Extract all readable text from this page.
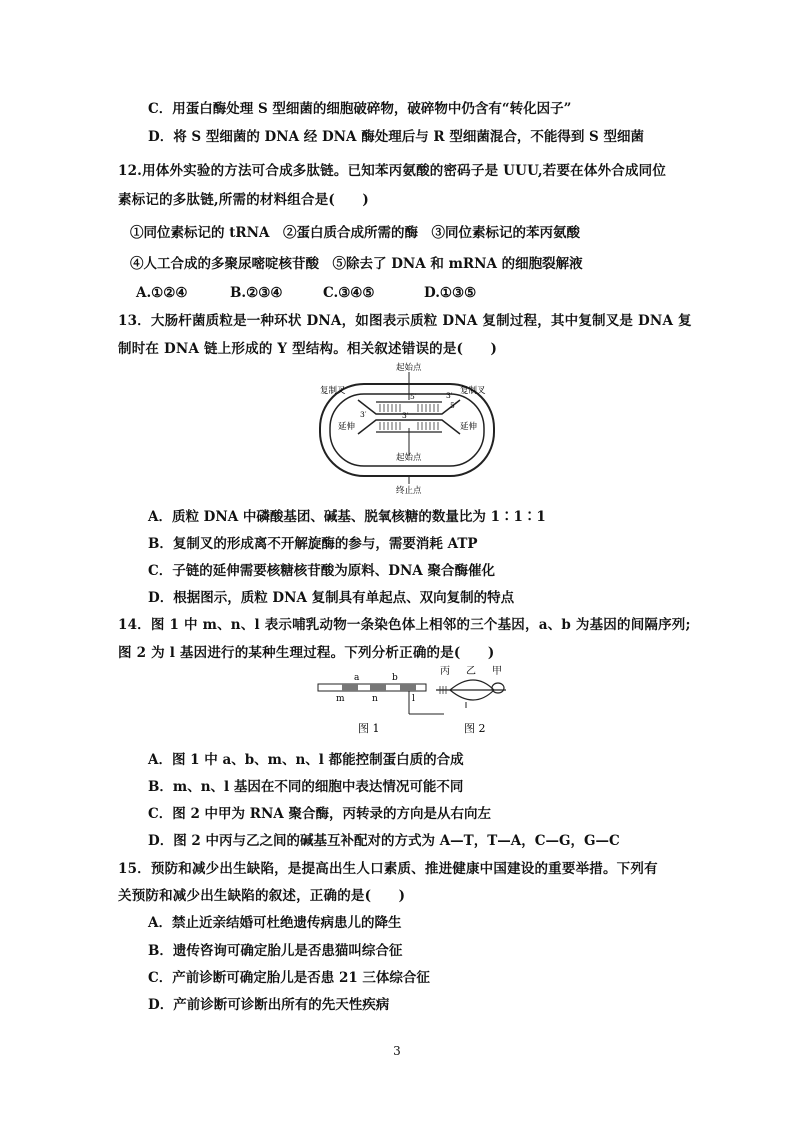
C．用蛋白酶处理 S 型细菌的细胞破碎物，破碎物中仍含有“转化因子”
D．将 S 型细菌的 DNA 经 DNA 酶处理后与 R 型细菌混合，不能得到 S 型细菌
12.用体外实验的方法可合成多肽链。已知苯丙氨酸的密码子是 UUU,若要在体外合成同位
素标记的多肽链,所需的材料组合是(　　)
①同位素标记的 tRNA　②蛋白质合成所需的酶　③同位素标记的苯丙氨酸
④人工合成的多聚尿嘧啶核苷酸　⑤除去了 DNA 和 mRNA 的细胞裂解液
A.①②④	B.②③④	C.③④⑤	D.①③⑤
13．大肠杆菌质粒是一种环状 DNA，如图表示质粒 DNA 复制过程，其中复制叉是 DNA 复
制时在 DNA 链上形成的 Y 型结构。相关叙述错误的是(　　)
起始点
复制叉	复制叉
延伸	延伸
5′
5′
3′	3′
3′
起始点
终止点
A．质粒 DNA 中磷酸基团、碱基、脱氧核糖的数量比为 1∶1∶1
B．复制叉的形成离不开解旋酶的参与，需要消耗 ATP
C．子链的延伸需要核糖核苷酸为原料、DNA 聚合酶催化
D．根据图示，质粒 DNA 复制具有单起点、双向复制的特点
14．图 1 中 m、n、l 表示哺乳动物一条染色体上相邻的三个基因，a、b 为基因的间隔序列;
图 2 为 l 基因进行的某种生理过程。下列分析正确的是(　　)
a	b
m	n	l
图 1
丙 乙 甲
图 2
A．图 1 中 a、b、m、n、l 都能控制蛋白质的合成
B．m、n、l 基因在不同的细胞中表达情况可能不同
C．图 2 中甲为 RNA 聚合酶，丙转录的方向是从右向左
D．图 2 中丙与乙之间的碱基互补配对的方式为 A—T，T—A，C—G，G—C
15．预防和减少出生缺陷，是提高出生人口素质、推进健康中国建设的重要举措。下列有
关预防和减少出生缺陷的叙述，正确的是(　　)
A．禁止近亲结婚可杜绝遗传病患儿的降生
B．遗传咨询可确定胎儿是否患猫叫综合征
C．产前诊断可确定胎儿是否患 21 三体综合征
D．产前诊断可诊断出所有的先天性疾病
3
